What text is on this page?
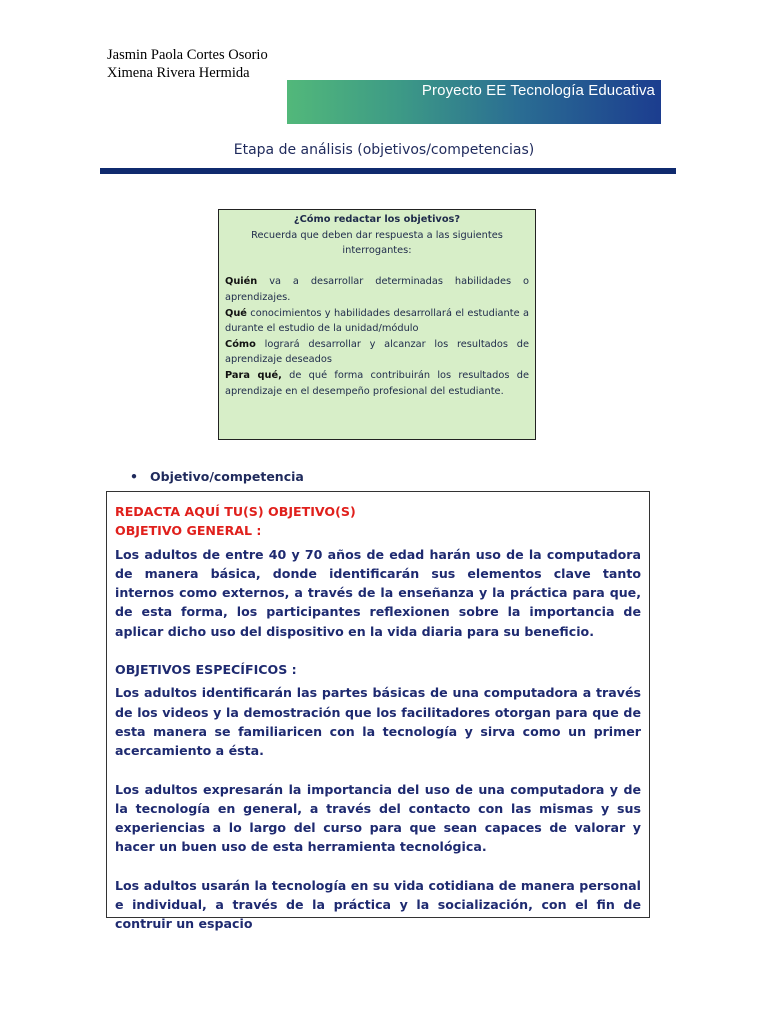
Jasmin Paola Cortes Osorio
Ximena Rivera Hermida
Proyecto EE Tecnología Educativa
Etapa de análisis (objetivos/competencias)
¿Cómo redactar los objetivos?
Recuerda que deben dar respuesta a las siguientes interrogantes:

Quién va a desarrollar determinadas habilidades o aprendizajes.

Qué conocimientos y habilidades desarrollará el estudiante a durante el estudio de la unidad/módulo

Cómo logrará desarrollar y alcanzar los resultados de aprendizaje deseados

Para qué, de qué forma contribuirán los resultados de aprendizaje en el desempeño profesional del estudiante.

• Objetivo/competencia
REDACTA AQUÍ TU(S) OBJETIVO(S)
OBJETIVO GENERAL :

Los adultos de entre 40 y 70 años de edad harán uso de la computadora de manera básica, donde identificarán sus elementos clave tanto internos como externos, a través de la enseñanza y la práctica para que, de esta forma, los participantes reflexionen sobre la importancia de aplicar dicho uso del dispositivo en la vida diaria para su beneficio.

OBJETIVOS ESPECÍFICOS :

Los adultos identificarán las partes básicas de una computadora a través de los videos y la demostración que los facilitadores otorgan para que de esta manera se familiaricen con la tecnología y sirva como un primer acercamiento a ésta.

Los adultos expresarán la importancia del uso de una computadora y de la tecnología en general, a través del contacto con las mismas y sus experiencias a lo largo del curso para que sean capaces de valorar y hacer un buen uso de esta herramienta tecnológica.

Los adultos usarán la tecnología en su vida cotidiana de manera personal e individual, a través de la práctica y la socialización, con el fin de contruir un espacio
